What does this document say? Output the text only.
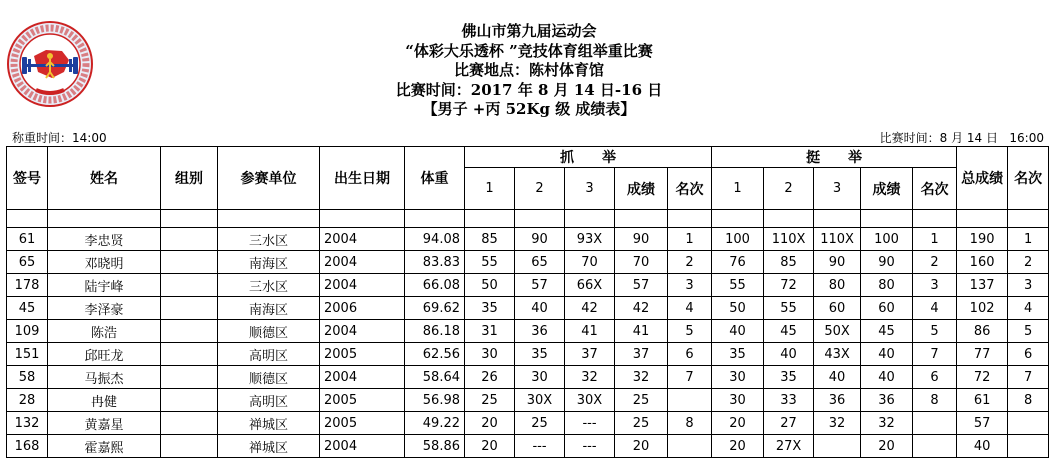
佛山市第九届运动会
“体彩大乐透杯 ”竞技体育组举重比赛
比赛地点：陈村体育馆
比赛时间：2017 年 8 月 14 日-16 日
【男子 +丙 52Kg 级 成绩表】
称重时间：14:00	比赛时间：8 月 14 日   16:00
签号	姓名	组别	参赛单位	出生日期	体重	抓　　举					挺　　举					总成绩	名次
						1	2	3	成绩	名次	1	2	3	成绩	名次		

61	李忠贤		三水区	2004	94.08	85	90	93X	90	1	100	110X	110X	100	1	190	1
65	邓晓明		南海区	2004	83.83	55	65	70	70	2	76	85	90	90	2	160	2
178	陆宇峰		三水区	2004	66.08	50	57	66X	57	3	55	72	80	80	3	137	3
45	李泽豪		南海区	2006	69.62	35	40	42	42	4	50	55	60	60	4	102	4
109	陈浩		顺德区	2004	86.18	31	36	41	41	5	40	45	50X	45	5	86	5
151	邱旺龙		高明区	2005	62.56	30	35	37	37	6	35	40	43X	40	7	77	6
58	马振杰		顺德区	2004	58.64	26	30	32	32	7	30	35	40	40	6	72	7
28	冉健		高明区	2005	56.98	25	30X	30X	25		30	33	36	36	8	61	8
132	黄嘉星		禅城区	2005	49.22	20	25	---	25	8	20	27	32	32		57	
168	霍嘉熙		禅城区	2004	58.86	20	---	---	20		20	27X		20		40	
